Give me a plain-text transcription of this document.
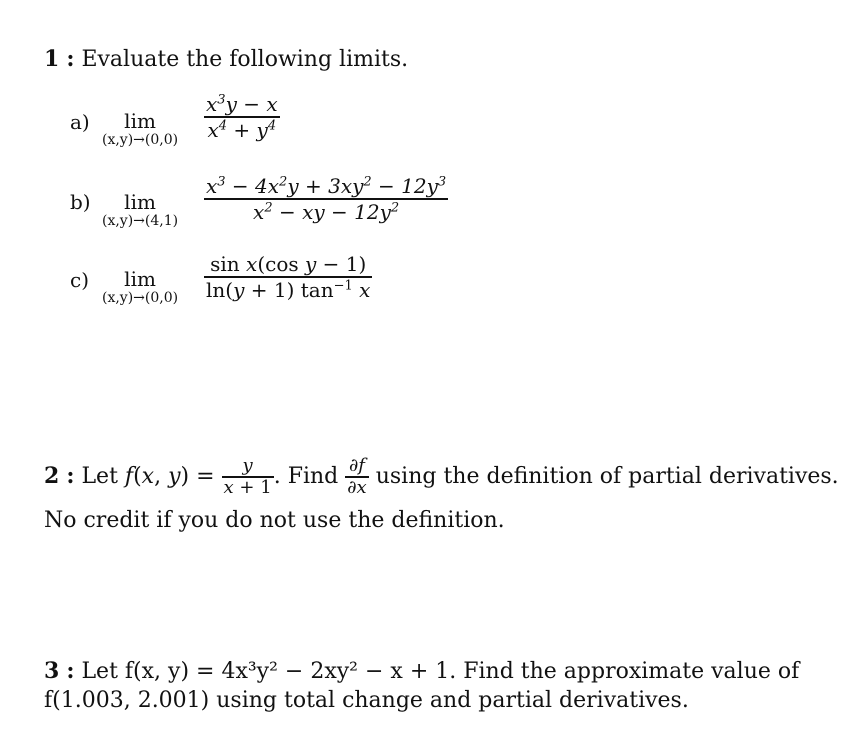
1 : Evaluate the following limits.
a)	lim
$(x,y)\to(0,0) \frac{x^3y - x}{x^4 + y^4}$
b)	lim
$(x,y)\to(4,1) \frac{x^3 - 4x^2y + 3xy^2 - 12y^3}{x^2 - xy - 12y^2}$
c)	lim
$(x,y)\to(0,0) \frac{\text{sin x(cos y − 1)}}{\ln(y + 1) \tan^{-1} x}$
2 : Let f(x, $y) = \frac{y}{x + 1}$ . Find $\frac{\partial f}{\partial x}$ using the definition of partial derivatives.
No credit if you do not use the definition.
3 : Let f(x, y) = 4x³y² − 2xy² − x + 1. Find the approximate value of
f(1.003, 2.001) using total change and partial derivatives.
